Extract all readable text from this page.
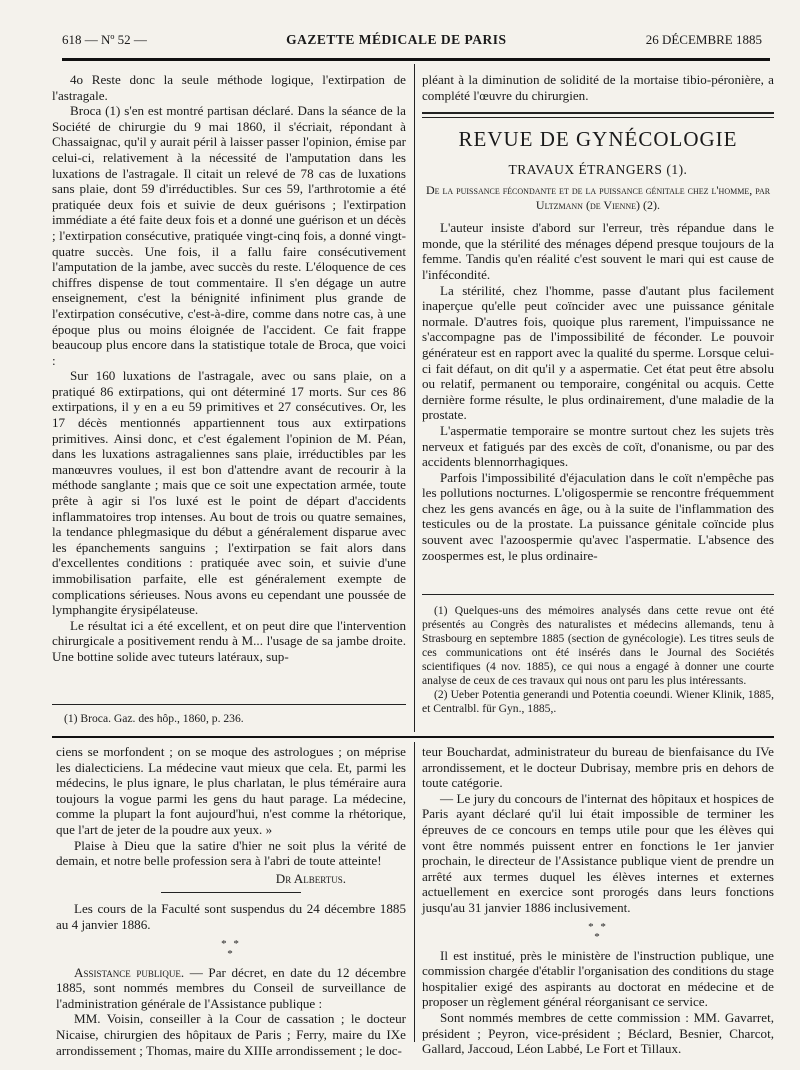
618 — Nº 52 —	GAZETTE MÉDICALE DE PARIS	26 DÉCEMBRE 1885

4o Reste donc la seule méthode logique, l'extirpation de l'astragale.

Broca (1) s'en est montré partisan déclaré. Dans la séance de la Société de chirurgie du 9 mai 1860, il s'écriait, répondant à Chassaignac, qu'il y aurait péril à laisser passer l'opinion, émise par celui-ci, relativement à la nécessité de l'amputation dans les luxations de l'astragale. Il citait un relevé de 78 cas de luxations sans plaie, dont 59 d'irréductibles. Sur ces 59, l'arthrotomie a été pratiquée deux fois et suivie de deux guérisons ; l'extirpation immédiate a été faite deux fois et a donné une guérison et un décès ; l'extirpation consécutive, pratiquée vingt-cinq fois, a donné vingt-quatre succès. Une fois, il a fallu faire consécutivement l'amputation de la jambe, avec succès du reste. L'éloquence de ces chiffres dispense de tout commentaire. Il s'en dégage un autre enseignement, c'est la bénignité infiniment plus grande de l'extirpation consécutive, c'est-à-dire, comme dans notre cas, à une époque plus ou moins éloignée de l'accident. Ce fait frappe beaucoup plus encore dans la statistique totale de Broca, que voici :

Sur 160 luxations de l'astragale, avec ou sans plaie, on a pratiqué 86 extirpations, qui ont déterminé 17 morts. Sur ces 86 extirpations, il y en a eu 59 primitives et 27 consécutives. Or, les 17 décès mentionnés appartiennent tous aux extirpations primitives. Ainsi donc, et c'est également l'opinion de M. Péan, dans les luxations astragaliennes sans plaie, irréductibles par les manœuvres voulues, il est bon d'attendre avant de recourir à la méthode sanglante ; mais que ce soit une expectation armée, toute prête à agir si l'os luxé est le point de départ d'accidents inflammatoires trop intenses. Au bout de trois ou quatre semaines, la tendance phlegmasique du début a généralement disparue avec les épanchements sanguins ; l'extirpation se fait alors dans d'excellentes conditions : pratiquée avec soin, et suivie d'une immobilisation parfaite, elle est généralement exempte de complications sérieuses. Nous avons eu cependant une poussée de lymphangite érysipélateuse.

Le résultat ici a été excellent, et on peut dire que l'intervention chirurgicale a positivement rendu à M... l'usage de sa jambe droite. Une bottine solide avec tuteurs latéraux, sup-

(1) Broca. Gaz. des hôp., 1860, p. 236.

pléant à la diminution de solidité de la mortaise tibio-péronière, a complété l'œuvre du chirurgien.

REVUE DE GYNÉCOLOGIE
TRAVAUX ÉTRANGERS (1).
De la puissance fécondante et de la puissance génitale chez l'homme, par Ultzmann (de Vienne) (2).

L'auteur insiste d'abord sur l'erreur, très répandue dans le monde, que la stérilité des ménages dépend presque toujours de la femme. Tandis qu'en réalité c'est souvent le mari qui est cause de l'infécondité.

La stérilité, chez l'homme, passe d'autant plus facilement inaperçue qu'elle peut coïncider avec une puissance génitale normale. D'autres fois, quoique plus rarement, l'impuissance ne s'accompagne pas de l'impossibilité de féconder. Le pouvoir générateur est en rapport avec la qualité du sperme. Lorsque celui-ci fait défaut, on dit qu'il y a aspermatie. Cet état peut être absolu ou relatif, permanent ou temporaire, congénital ou acquis. Cette dernière forme résulte, le plus ordinairement, d'une maladie de la prostate.

L'aspermatie temporaire se montre surtout chez les sujets très nerveux et fatigués par des excès de coït, d'onanisme, ou par des accidents blennorrhagiques.

Parfois l'impossibilité d'éjaculation dans le coït n'empêche pas les pollutions nocturnes. L'oligospermie se rencontre fréquemment chez les gens avancés en âge, ou à la suite de l'inflammation des testicules ou de la prostate. La puissance génitale coïncide plus souvent avec l'azoospermie qu'avec l'aspermatie. L'absence des zoospermes est, le plus ordinaire-

(1) Quelques-uns des mémoires analysés dans cette revue ont été présentés au Congrès des naturalistes et médecins allemands, tenu à Strasbourg en septembre 1885 (section de gynécologie). Les titres seuls de ces communications ont été insérés dans le Journal des Sociétés scientifiques (4 nov. 1885), ce qui nous a engagé à donner une courte analyse de ceux de ces travaux qui nous ont paru les plus intéressants.

(2) Ueber Potentia generandi und Potentia coeundi. Wiener Klinik, 1885, et Centralbl. für Gyn., 1885,.

ciens se morfondent ; on se moque des astrologues ; on méprise les dialecticiens. La médecine vaut mieux que cela. Et, parmi les médecins, le plus ignare, le plus charlatan, le plus téméraire aura toujours la vogue parmi les gens du haut parage. La médecine, comme la plupart la font aujourd'hui, n'est comme la rhétorique, que l'art de jeter de la poudre aux yeux. »

Plaise à Dieu que la satire d'hier ne soit plus la vérité de demain, et notre belle profession sera à l'abri de toute atteinte!

Dr Albertus.

Les cours de la Faculté sont suspendus du 24 décembre 1885 au 4 janvier 1886.

* *
*

Assistance publique. — Par décret, en date du 12 décembre 1885, sont nommés membres du Conseil de surveillance de l'administration générale de l'Assistance publique :

MM. Voisin, conseiller à la Cour de cassation ; le docteur Nicaise, chirurgien des hôpitaux de Paris ; Ferry, maire du IXe arrondissement ; Thomas, maire du XIIIe arrondissement ; le doc-

teur Bouchardat, administrateur du bureau de bienfaisance du IVe arrondissement, et le docteur Dubrisay, membre pris en dehors de toute catégorie.

— Le jury du concours de l'internat des hôpitaux et hospices de Paris ayant déclaré qu'il lui était impossible de terminer les épreuves de ce concours en temps utile pour que les élèves qui vont être nommés puissent entrer en fonctions le 1er janvier prochain, le directeur de l'Assistance publique vient de prendre un arrêté aux termes duquel les élèves internes et externes actuellement en exercice sont prorogés dans leurs fonctions jusqu'au 31 janvier 1886 inclusivement.

* *
*

Il est institué, près le ministère de l'instruction publique, une commission chargée d'établir l'organisation des conditions du stage hospitalier exigé des aspirants au doctorat en médecine et de proposer un règlement général réorganisant ce service.

Sont nommés membres de cette commission : MM. Gavarret, président ; Peyron, vice-président ; Béclard, Besnier, Charcot, Gallard, Jaccoud, Léon Labbé, Le Fort et Tillaux.
